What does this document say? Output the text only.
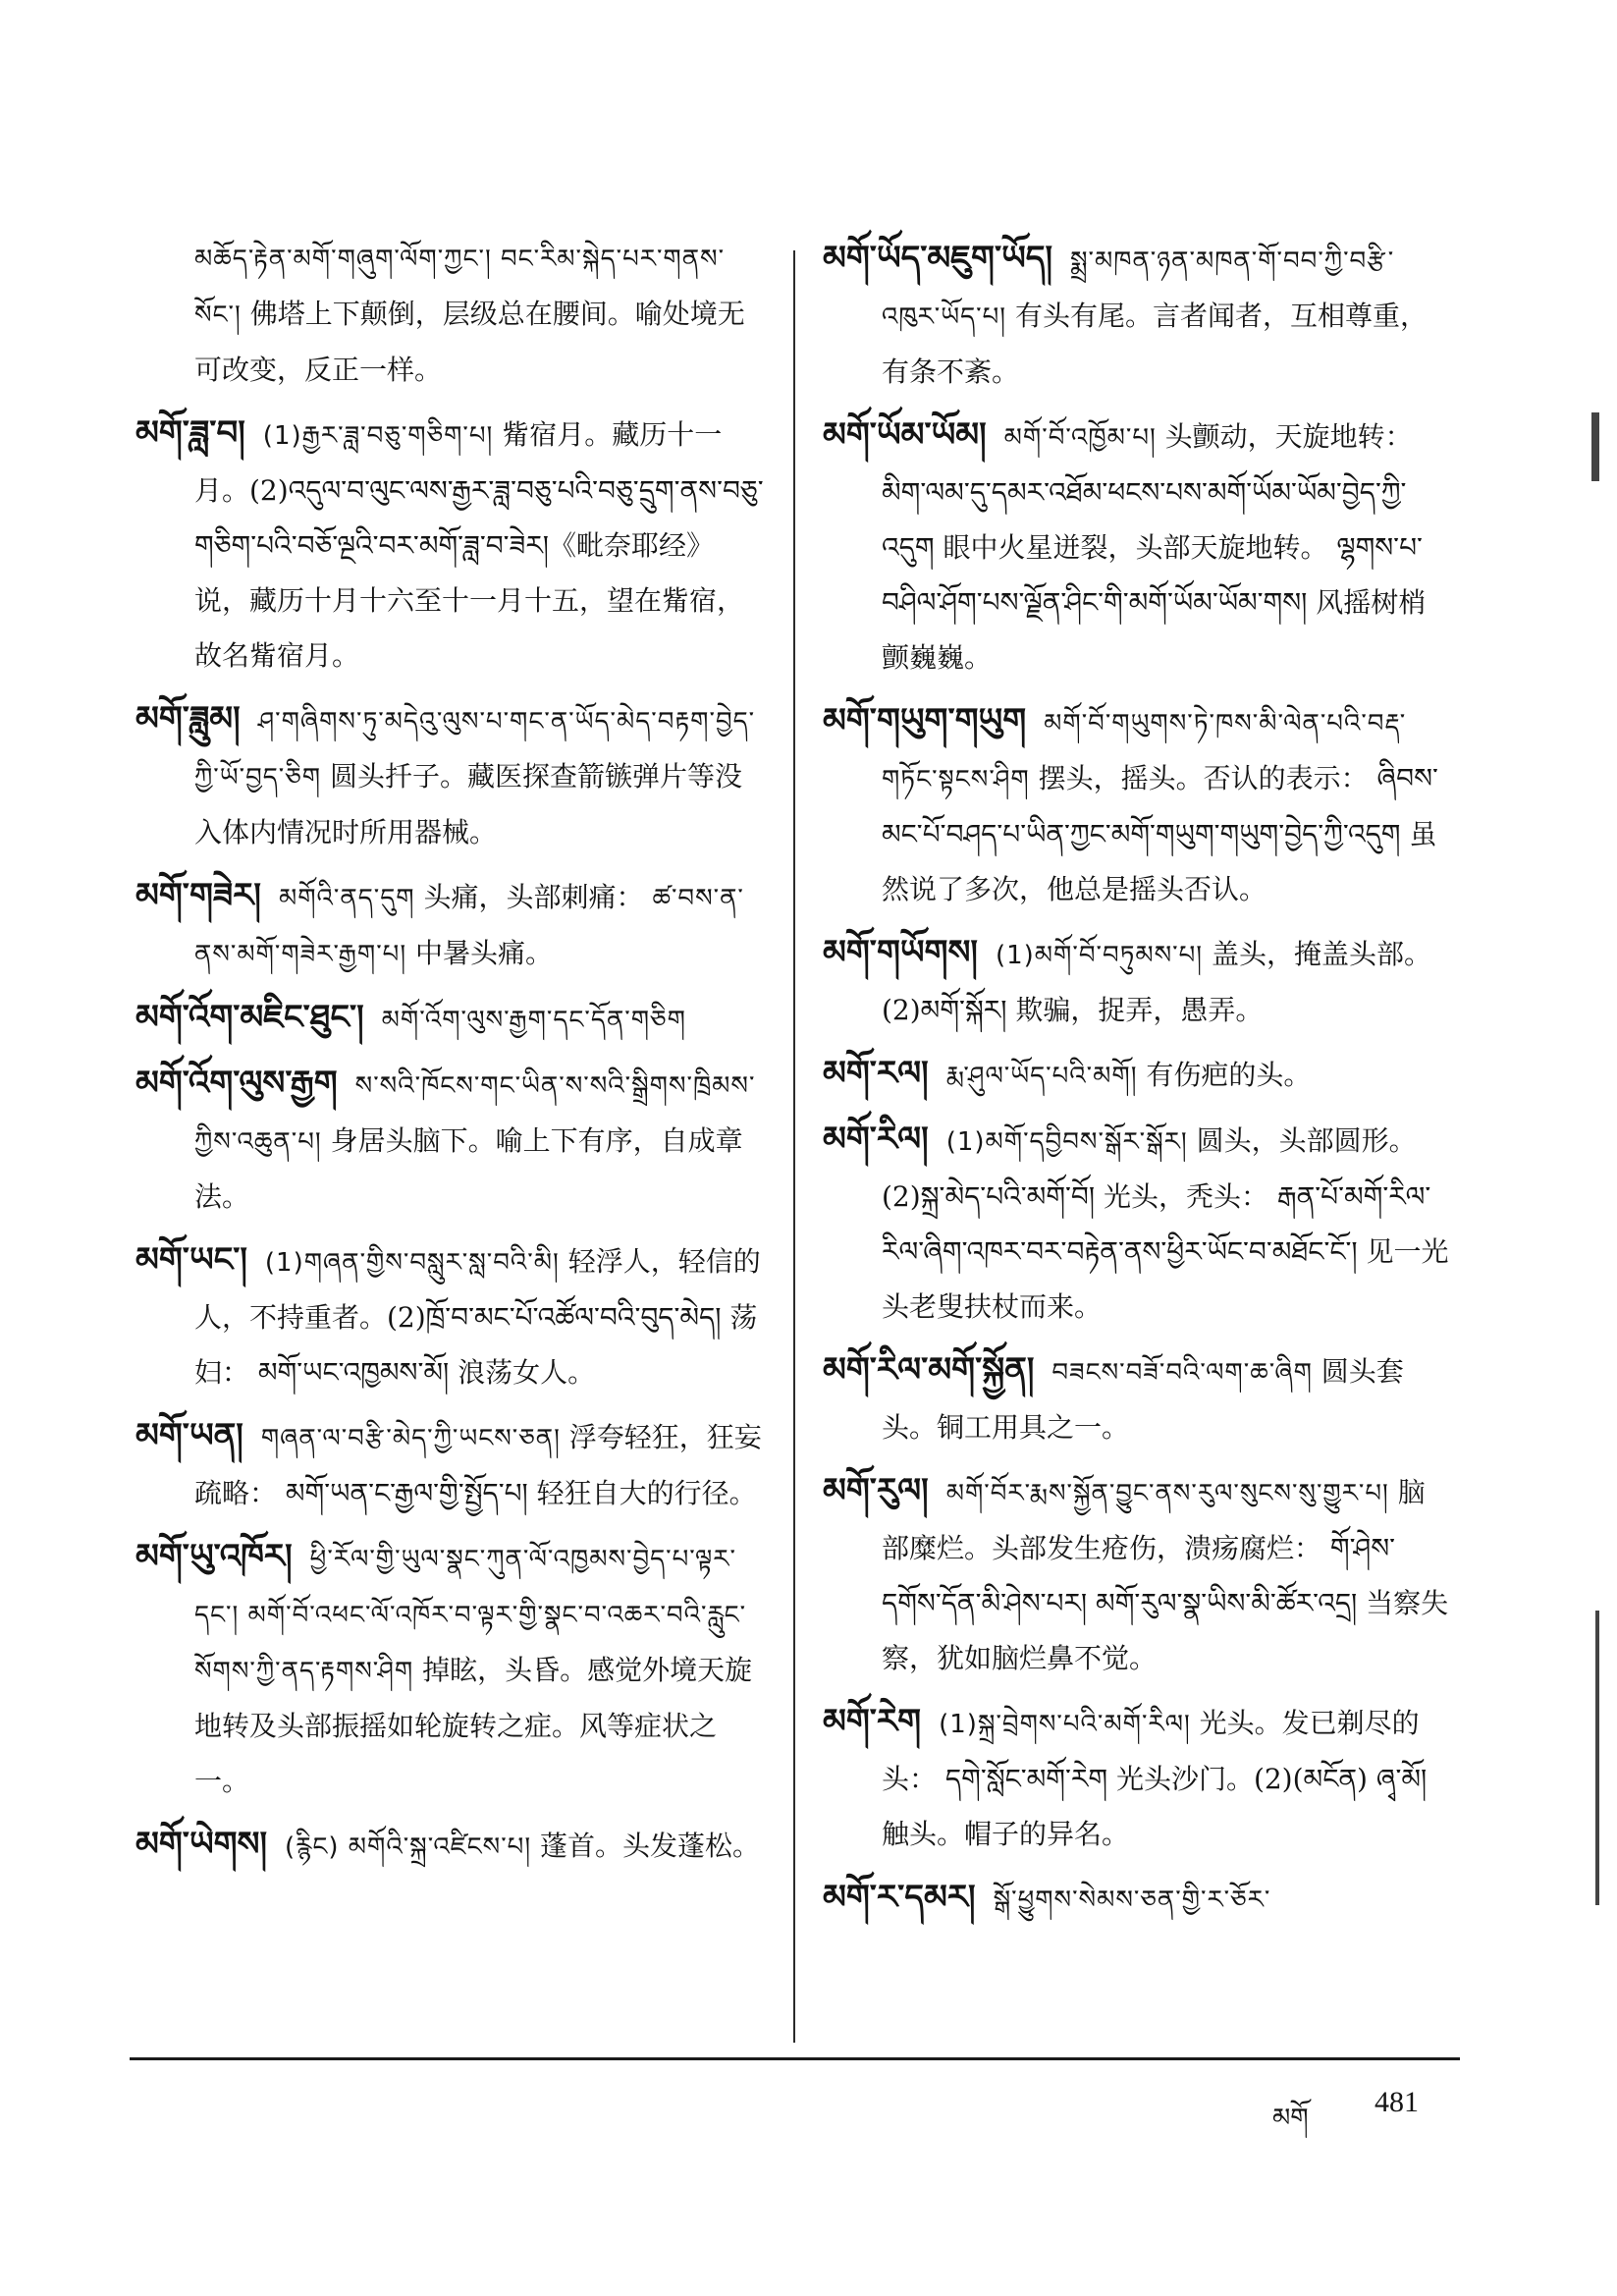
མཆོད་རྟེན་མགོ་གཞུག་ལོག་ཀྱང་། བང་རིམ་སྐེད་པར་གནས་སོང་། 佛塔上下颠倒，层级总在腰间。喻处境无可改变，反正一样。
མགོ་ཟླ་བ། (1)རྒྱར་ཟླ་བཅུ་གཅིག་པ། 觜宿月。藏历十一月。(2)འདུལ་བ་ལུང་ལས་རྒྱར་ཟླ་བཅུ་པའི་བཅུ་དྲུག་ནས་བཅུ་གཅིག་པའི་བཅོ་ལྔའི་བར་མགོ་ཟླ་བ་ཟེར།《毗奈耶经》说，藏历十月十六至十一月十五，望在觜宿，故名觜宿月。
མགོ་ཟླུམ། ཤ་གཞིགས་ཏུ་མདེའུ་ལུས་པ་གང་ན་ཡོད་མེད་བརྟག་བྱེད་ཀྱི་ཡོ་བྱད་ཅིག 圆头扦子。藏医探查箭镞弹片等没入体内情况时所用器械。
མགོ་གཟེར། མགོའི་ནད་དུག 头痛，头部刺痛： ཚ་བས་ན་ནས་མགོ་གཟེར་རྒྱག་པ། 中暑头痛。
མགོ་འོག་མཇིང་ཐུང་། མགོ་འོག་ལུས་རྒྱག་དང་དོན་གཅིག
མགོ་འོག་ལུས་རྒྱག ས་སའི་ཁོངས་གང་ཡིན་ས་སའི་སྒྲིགས་ཁྲིམས་ཀྱིས་འཆུན་པ། 身居头脑下。喻上下有序，自成章法。
མགོ་ཡང་། (1)གཞན་གྱིས་བསླུར་སླ་བའི་མི། 轻浮人，轻信的人，不持重者。(2)ཁྲོ་བ་མང་པོ་འཚོལ་བའི་བུད་མེད། 荡妇： མགོ་ཡང་འཁྱམས་མོ། 浪荡女人。
མགོ་ཡན། གཞན་ལ་བརྩི་མེད་ཀྱི་ཡངས་ཅན། 浮夸轻狂，狂妄疏略： མགོ་ཡན་ང་རྒྱལ་གྱི་སྤྱོད་པ། 轻狂自大的行径。
མགོ་ཡུ་འཁོར། ཕྱི་རོལ་གྱི་ཡུལ་སྣང་ཀུན་ལོ་འཁྱམས་བྱེད་པ་ལྟར་དང་། མགོ་བོ་འཕང་ལོ་འཁོར་བ་ལྟར་གྱི་སྣང་བ་འཆར་བའི་རླུང་སོགས་ཀྱི་ནད་རྟགས་ཤིག 掉眩，头昏。感觉外境天旋地转及头部振摇如轮旋转之症。风等症状之一。
མགོ་ཡེགས། (རྙིང) མགོའི་སྐྲ་འཛིངས་པ། 蓬首。头发蓬松。
མགོ་ཡོད་མཇུག་ཡོད། སྨྲ་མཁན་ཉན་མཁན་གོ་བབ་ཀྱི་བརྩི་འཁུར་ཡོད་པ། 有头有尾。言者闻者，互相尊重，有条不紊。
མགོ་ཡོམ་ཡོམ། མགོ་བོ་འཁྱོམ་པ། 头颤动，天旋地转： མིག་ལམ་དུ་དམར་འཐོམ་ཕངས་པས་མགོ་ཡོམ་ཡོམ་བྱེད་ཀྱི་འདུག 眼中火星迸裂，头部天旋地转。 ལྷགས་པ་བཤིལ་ཤོག་པས་ལྗོན་ཤིང་གི་མགོ་ཡོམ་ཡོམ་གས། 风摇树梢颤巍巍。
མགོ་གཡུག་གཡུག མགོ་བོ་གཡུགས་ཏེ་ཁས་མི་ལེན་པའི་བརྡ་གཏོང་སྟངས་ཤིག 摆头，摇头。否认的表示： ཞིབས་མང་པོ་བཤད་པ་ཡིན་ཀྱང་མགོ་གཡུག་གཡུག་བྱེད་ཀྱི་འདུག 虽然说了多次，他总是摇头否认。
མགོ་གཡོགས། (1)མགོ་བོ་བཏུམས་པ། 盖头，掩盖头部。(2)མགོ་སྐོར། 欺骗，捉弄，愚弄。
མགོ་རལ། རྨ་ཤུལ་ཡོད་པའི་མགོ། 有伤疤的头。
མགོ་རིལ། (1)མགོ་དབྱིབས་སྒོར་སྒོར། 圆头，头部圆形。(2)སྐྲ་མེད་པའི་མགོ་བོ། 光头，秃头： རྒན་པོ་མགོ་རིལ་རིལ་ཞིག་འཁར་བར་བརྟེན་ནས་ཕྱིར་ཡོང་བ་མཐོང་ངོ་། 见一光头老叟扶杖而来。
མགོ་རིལ་མགོ་སྐྱོན། བཟངས་བཟོ་བའི་ལག་ཆ་ཞིག 圆头套头。铜工用具之一。
མགོ་རུལ། མགོ་བོར་རྨས་སྐྱོན་བྱུང་ནས་རུལ་སུངས་སུ་གྱུར་པ། 脑部糜烂。头部发生疮伤，溃疡腐烂： གོ་ཤེས་དགོས་དོན་མི་ཤེས་པར། མགོ་རུལ་སྣ་ཡིས་མི་ཚོར་འདྲ། 当察失察，犹如脑烂鼻不觉。
མགོ་རེག (1)སྐྲ་བྲེགས་པའི་མགོ་རིལ། 光头。发已剃尽的头： དགེ་སློང་མགོ་རེག 光头沙门。(2)(མངོན) ཞྭ་མོ། 触头。帽子的异名。
མགོ་ར་དམར། སྒོ་ཕྱུགས་སེམས་ཅན་གྱི་ར་ཅོར་
མགོ 481
